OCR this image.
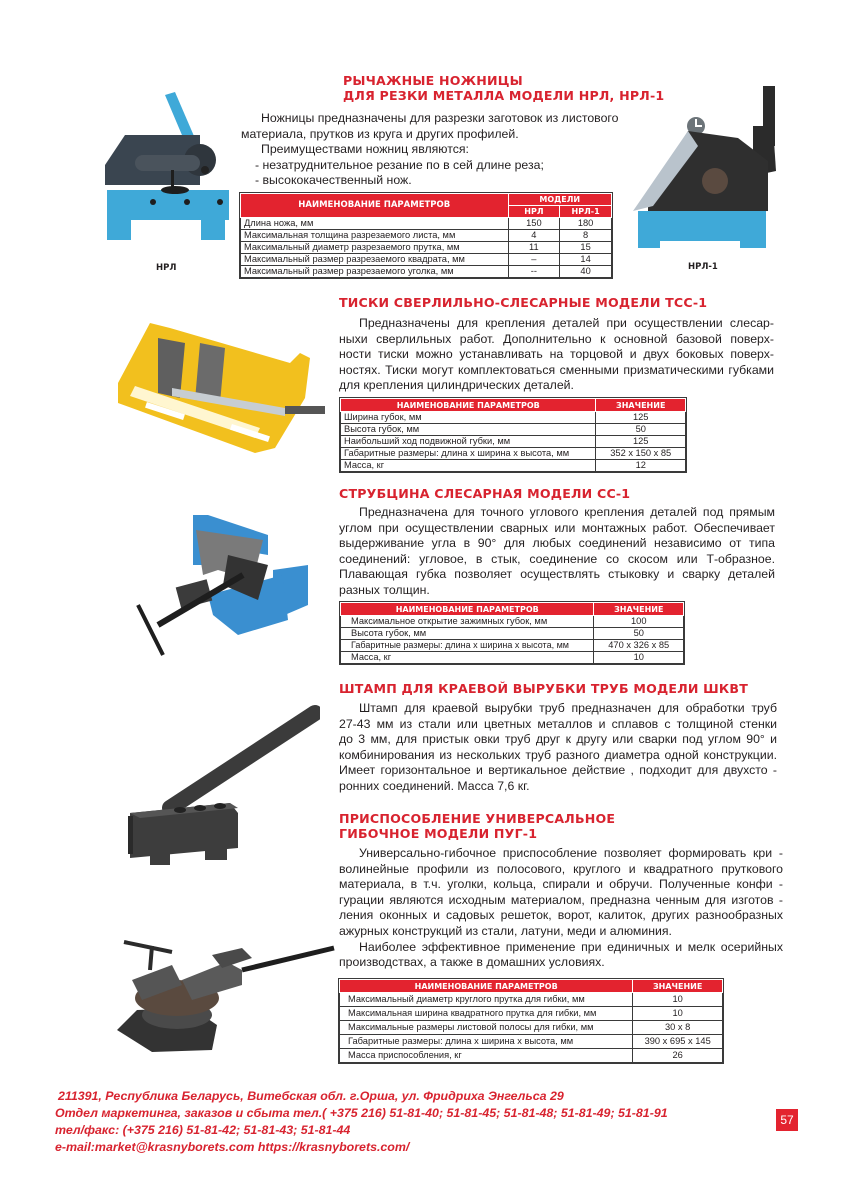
РЫЧАЖНЫЕ НОЖНИЦЫ
ДЛЯ РЕЗКИ МЕТАЛЛА МОДЕЛИ НРЛ, НРЛ-1
Ножницы предназначены для разрезки заготовок из листового
материала, прутков из круга и других профилей.
Преимуществами ножниц являются:
- незатруднительное резание по в сей длине реза;
- высококачественный нож.
НРЛ	НРЛ-1
НАИМЕНОВАНИЕ ПАРАМЕТРОВ	МОДЕЛИ	
	НРЛ	НРЛ-1
Длина ножа, мм	150	180
Максимальная толщина разрезаемого листа, мм	4	8
Максимальный диаметр разрезаемого прутка, мм	11	15
Максимальный размер разрезаемого квадрата, мм	–	14
Максимальный размер разрезаемого уголка, мм	--	40
ТИСКИ СВЕРЛИЛЬНО-СЛЕСАРНЫЕ МОДЕЛИ ТСС-1
Предназначены для крепления деталей при осуществлении слесар-
ныхи сверлильных работ. Дополнительно к основной базовой поверх-
ности тиски можно устанавливать на торцовой и двух боковых поверх-
ностях. Тиски могут комплектоваться сменными призматическими губками
для крепления цилиндрических деталей.
НАИМЕНОВАНИЕ ПАРАМЕТРОВ	ЗНАЧЕНИЕ
Ширина губок, мм	125
Высота губок, мм	50
Наибольший ход подвижной губки, мм	125
Габаритные размеры: длина х ширина х высота, мм	352 х 150 х 85
Масса, кг	12
СТРУБЦИНА СЛЕСАРНАЯ МОДЕЛИ СС-1
Предназначена для точного углового крепления деталей под прямым
углом при осуществлении сварных или монтажных работ. Обеспечивает
выдерживание угла в 90° для любых соединений независимо от типа
соединений: угловое, в стык, соединение со скосом или Т-образное.
Плавающая губка позволяет осуществлять стыковку и сварку деталей
разных толщин.
НАИМЕНОВАНИЕ ПАРАМЕТРОВ	ЗНАЧЕНИЕ
Максимальное открытие зажимных губок, мм	100
Высота губок, мм	50
Габаритные размеры: длина х ширина х высота, мм	470 х 326 х 85
Масса, кг	10
ШТАМП ДЛЯ КРАЕВОЙ ВЫРУБКИ ТРУБ МОДЕЛИ ШКВТ
Штамп для краевой вырубки труб предназначен для обработки труб
27-43 мм из стали или цветных металлов и сплавов с толщиной стенки
до 3 мм, для пристык овки труб друг к другу или сварки под углом 90° и
комбинирования из нескольких труб разного диаметра одной конструкции.
Имеет горизонтальное и вертикальное действие , подходит для двухсто -
ронних соединений. Масса 7,6 кг.
ПРИСПОСОБЛЕНИЕ УНИВЕРСАЛЬНОЕ
ГИБОЧНОЕ МОДЕЛИ ПУГ-1
Универсально-гибочное приспособление позволяет формировать кри -
волинейные профили из полосового, круглого и квадратного пруткового
материала, в т.ч. уголки, кольца, спирали и обручи. Полученные конфи -
гурации являются исходным материалом, предназна ченным для изготов -
ления оконных и садовых решеток, ворот, калиток, других разнообразных
ажурных конструкций из стали, латуни, меди и алюминия.
Наиболее эффективное применение при единичных и мелк осерийных
производствах, а также в домашних условиях.
НАИМЕНОВАНИЕ ПАРАМЕТРОВ	ЗНАЧЕНИЕ
Максимальный диаметр круглого прутка для гибки, мм	10
Максимальная ширина квадратного прутка для гибки, мм	10
Максимальные размеры листовой полосы для гибки, мм	30 х 8
Габаритные размеры: длина х ширина х высота, мм	390 х 695 х 145
Масса приспособления, кг	26
211391, Республика Беларусь, Витебская обл. г.Орша, ул. Фридриха Энгельса 29
Отдел маркетинга, заказов и сбыта тел.( +375 216) 51-81-40; 51-81-45; 51-81-48; 51-81-49; 51-81-91
тел/факс: (+375 216) 51-81-42; 51-81-43; 51-81-44
e-mail:market@krasnyborets.com https://krasnyborets.com/
57
